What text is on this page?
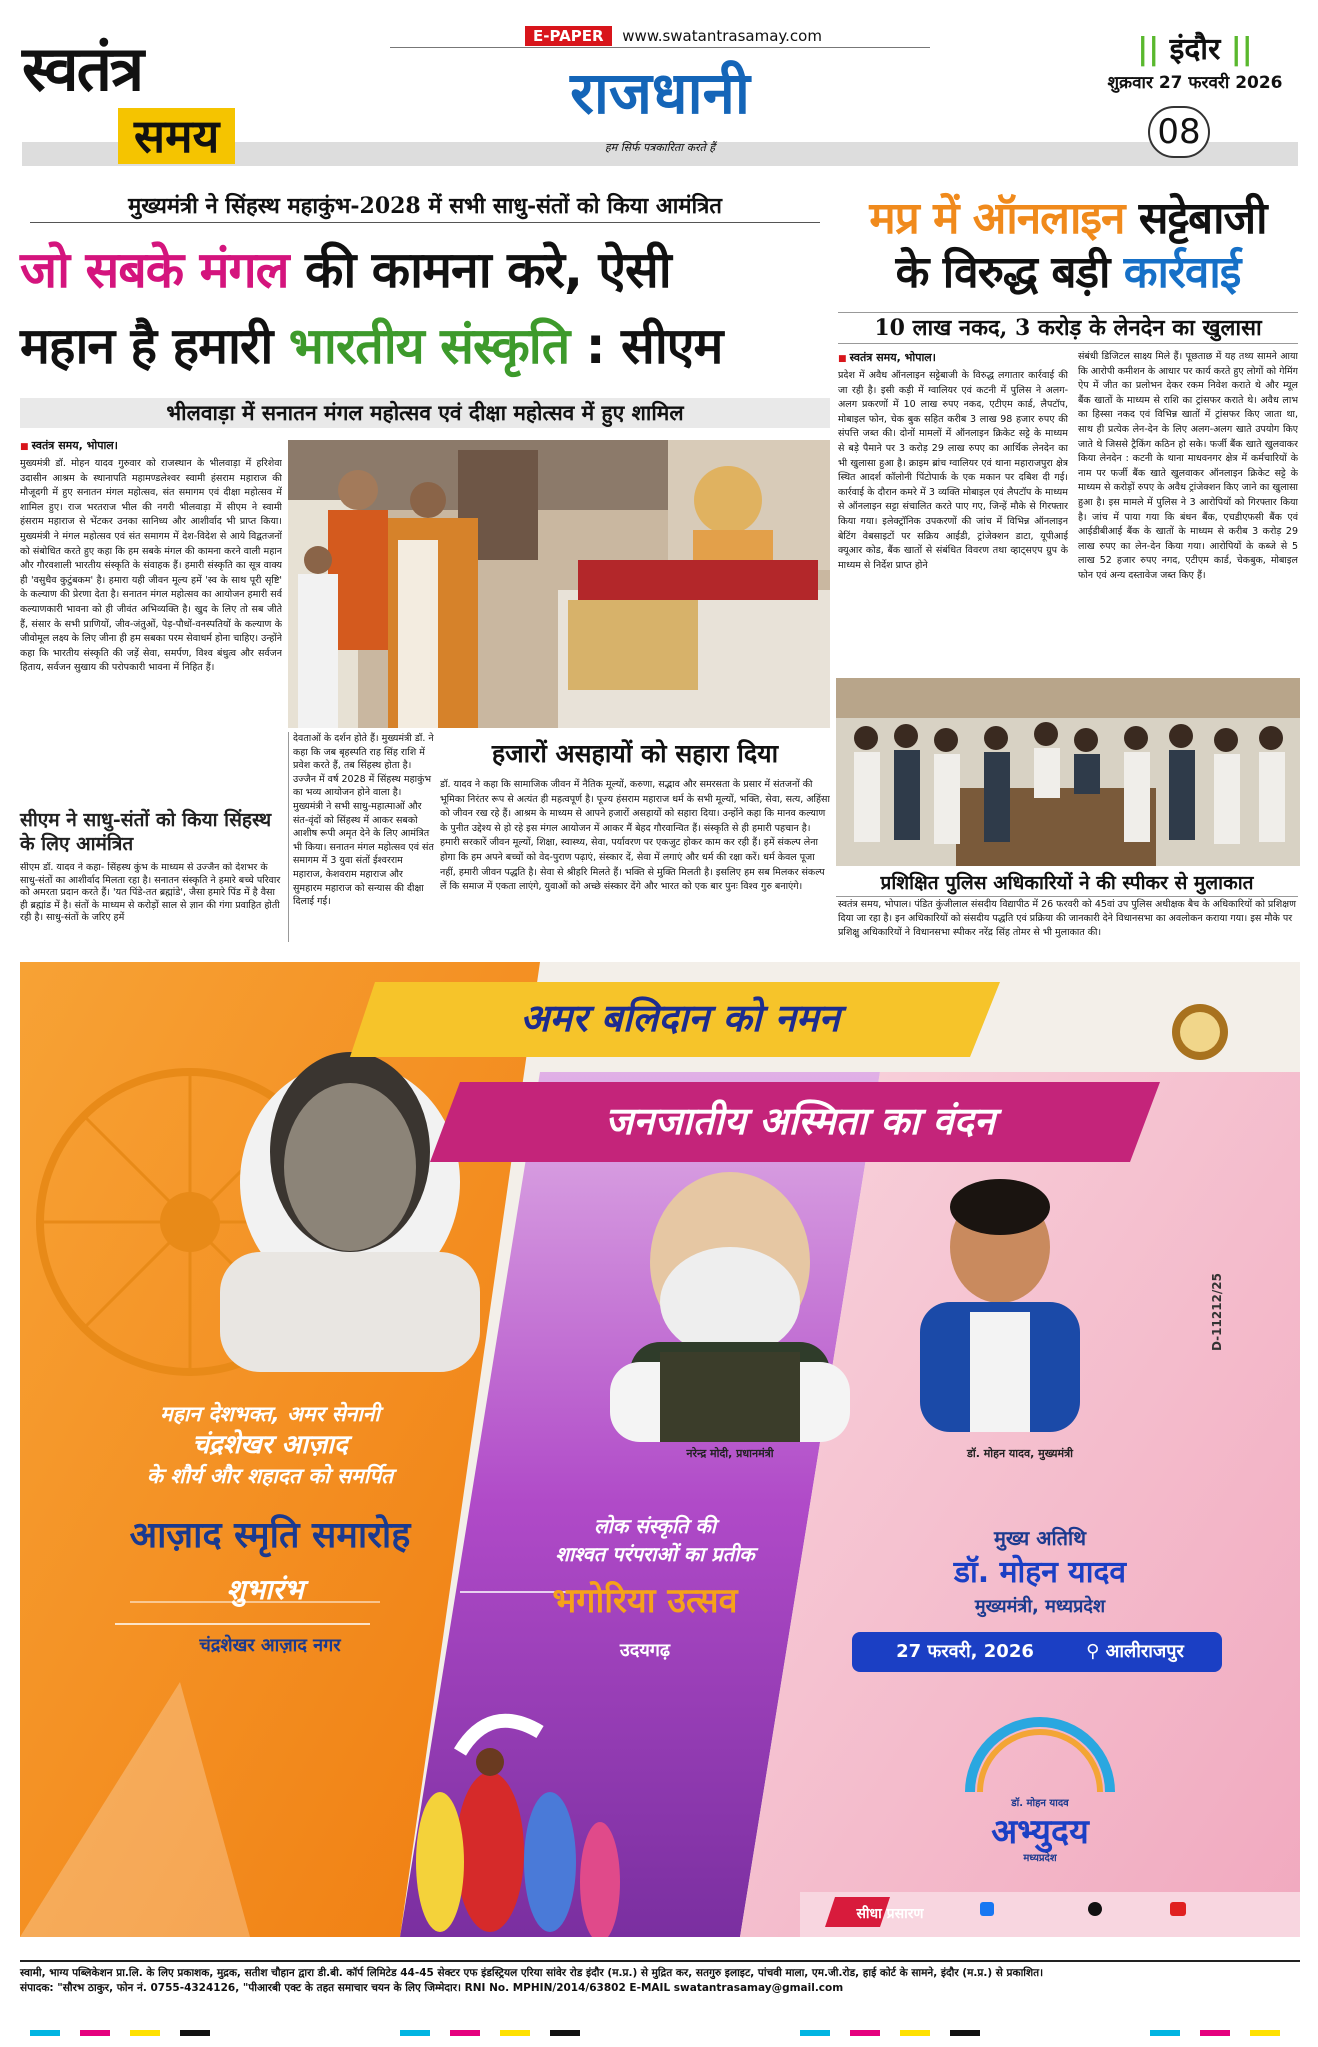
स्वतंत्र
समय
E-PAPER www.swatantrasamay.com
राजधानी
हम सिर्फ पत्रकारिता करते हैं
|| इंदौर ||
शुक्रवार 27 फरवरी 2026
08
मुख्यमंत्री ने सिंहस्थ महाकुंभ-2028 में सभी साधु-संतों को किया आमंत्रित
जो सबके मंगल की कामना करे, ऐसी
महान है हमारी भारतीय संस्कृति : सीएम
भीलवाड़ा में सनातन मंगल महोत्सव एवं दीक्षा महोत्सव में हुए शामिल
■ स्वतंत्र समय, भोपाल।
मुख्यमंत्री डॉ. मोहन यादव गुरुवार को राजस्थान के भीलवाड़ा में हरिशेवा उदासीन आश्रम के स्थानापति महामण्डलेश्वर स्वामी हंसराम महाराज की मौजूदगी में हुए सनातन मंगल महोत्सव, संत समागम एवं दीक्षा महोत्सव में शामिल हुए। राज भरतराज भील की नगरी भीलवाड़ा में सीएम ने स्वामी हंसराम महाराज से भेंटकर उनका सानिध्य और आशीर्वाद भी प्राप्त किया। मुख्यमंत्री ने मंगल महोत्सव एवं संत समागम में देश-विदेश से आये विद्वतजनों को संबोधित करते हुए कहा कि हम सबके मंगल की कामना करने वाली महान और गौरवशाली भारतीय संस्कृति के संवाहक हैं। हमारी संस्कृति का सूत्र वाक्य ही 'वसुधैव कुटुंबकम' है। हमारा यही जीवन मूल्य हमें 'स्व के साथ पूरी सृष्टि' के कल्याण की प्रेरणा देता है। सनातन मंगल महोत्सव का आयोजन हमारी सर्व कल्याणकारी भावना को ही जीवंत अभिव्यक्ति है। खुद के लिए तो सब जीते हैं, संसार के सभी प्राणियों, जीव-जंतुओं, पेड़-पौधों-वनस्पतियों के कल्याण के जीवोमूल लक्ष्य के लिए जीना ही हम सबका परम सेवाधर्म होना चाहिए। उन्होंने कहा कि भारतीय संस्कृति की जड़ें सेवा, समर्पण, विश्व बंधुत्व और सर्वजन हिताय, सर्वजन सुखाय की परोपकारी भावना में निहित हैं।
सीएम ने साधु-संतों को किया सिंहस्थ के लिए आमंत्रित
सीएम डॉ. यादव ने कहा- सिंहस्थ कुंभ के माध्यम से उज्जैन को देशभर के साधु-संतों का आशीर्वाद मिलता रहा है। सनातन संस्कृति ने हमारे बच्चे परिवार को अमरता प्रदान करते हैं। 'यत पिंडे-तत ब्रह्मांडे', जैसा हमारे पिंड में है वैसा ही ब्रह्मांड में है। संतों के माध्यम से करोड़ों साल से ज्ञान की गंगा प्रवाहित होती रही है। साधु-संतों के जरिए हमें
देवताओं के दर्शन होते हैं। मुख्यमंत्री डॉ. ने कहा कि जब बृहस्पति राह सिंह राशि में प्रवेश करते हैं, तब सिंहस्थ होता है। उज्जैन में वर्ष 2028 में सिंहस्थ महाकुंभ का भव्य आयोजन होने वाला है। मुख्यमंत्री ने सभी साधु-महात्माओं और संत-वृंदों को सिंहस्थ में आकर सबको आशीष रूपी अमृत देने के लिए आमंत्रित भी किया। सनातन मंगल महोत्सव एवं संत समागम में 3 युवा संतों ईश्वरराम महाराज, केशवराम महाराज और सुमहारम महाराज को सन्यास की दीक्षा दिलाई गई।
हजारों असहायों को सहारा दिया
डॉ. यादव ने कहा कि सामाजिक जीवन में नैतिक मूल्यों, करुणा, सद्भाव और समरसता के प्रसार में संतजनों की भूमिका निरंतर रूप से अत्यंत ही महत्वपूर्ण है। पूज्य हंसराम महाराज धर्म के सभी मूल्यों, भक्ति, सेवा, सत्य, अहिंसा को जीवन रख रहे हैं। आश्रम के माध्यम से आपने हजारों असहायों को सहारा दिया। उन्होंने कहा कि मानव कल्याण के पुनीत उद्देश्य से हो रहे इस मंगल आयोजन में आकर मैं बेहद गौरवान्वित हैं। संस्कृति से ही हमारी पहचान है। हमारी सरकारें जीवन मूल्यों, शिक्षा, स्वास्थ्य, सेवा, पर्यावरण पर एकजुट होकर काम कर रही हैं। हमें संकल्प लेना होगा कि हम अपने बच्चों को वेद-पुराण पढ़ाएं, संस्कार दें, सेवा में लगाएं और धर्म की रक्षा करें। धर्म केवल पूजा नहीं, हमारी जीवन पद्धति है। सेवा से श्रीहरि मिलते हैं। भक्ति से मुक्ति मिलती है। इसलिए हम सब मिलकर संकल्प लें कि समाज में एकता लाएंगे, युवाओं को अच्छे संस्कार देंगे और भारत को एक बार पुनः विश्व गुरु बनाएंगे।
मप्र में ऑनलाइन सट्टेबाजी
के विरुद्ध बड़ी कार्रवाई
10 लाख नकद, 3 करोड़ के लेनदेन का खुलासा
■ स्वतंत्र समय, भोपाल।
प्रदेश में अवैध ऑनलाइन सट्टेबाजी के विरुद्ध लगातार कार्रवाई की जा रही है। इसी कड़ी में ग्वालियर एवं कटनी में पुलिस ने अलग-अलग प्रकरणों में 10 लाख रुपए नकद, एटीएम कार्ड, लैपटॉप, मोबाइल फोन, चेक बुक सहित करीब 3 लाख 98 हजार रुपए की संपत्ति जब्त की। दोनों मामलों में ऑनलाइन क्रिकेट सट्टे के माध्यम से बड़े पैमाने पर 3 करोड़ 29 लाख रुपए का आर्थिक लेनदेन का भी खुलासा हुआ है। क्राइम ब्रांच ग्वालियर एवं थाना महाराजपुरा क्षेत्र स्थित आदर्श कॉलोनी पिंटोपार्क के एक मकान पर दबिश दी गई। कार्रवाई के दौरान कमरे में 3 व्यक्ति मोबाइल एवं लैपटॉप के माध्यम से ऑनलाइन सट्टा संचालित करते पाए गए, जिन्हें मौके से गिरफ्तार किया गया। इलेक्ट्रॉनिक उपकरणों की जांच में विभिन्न ऑनलाइन बेटिंग वेबसाइटों पर सक्रिय आईडी, ट्रांजेक्शन डाटा, यूपीआई क्यूआर कोड, बैंक खातों से संबंधित विवरण तथा व्हाट्सएप ग्रुप के माध्यम से निर्देश प्राप्त होने
संबंधी डिजिटल साक्ष्य मिले हैं। पूछताछ में यह तथ्य सामने आया कि आरोपी कमीशन के आधार पर कार्य करते हुए लोगों को गेमिंग ऐप में जीत का प्रलोभन देकर रकम निवेश कराते थे और म्यूल बैंक खातों के माध्यम से राशि का ट्रांसफर कराते थे। अवैध लाभ का हिस्सा नकद एवं विभिन्न खातों में ट्रांसफर किए जाता था, साथ ही प्रत्येक लेन-देन के लिए अलग-अलग खाते उपयोग किए जाते थे जिससे ट्रैकिंग कठिन हो सके। फर्जी बैंक खाते खुलवाकर किया लेनदेन : कटनी के थाना माधवनगर क्षेत्र में कर्मचारियों के नाम पर फर्जी बैंक खाते खुलवाकर ऑनलाइन क्रिकेट सट्टे के माध्यम से करोड़ों रुपए के अवैध ट्रांजेक्शन किए जाने का खुलासा हुआ है। इस मामले में पुलिस ने 3 आरोपियों को गिरफ्तार किया है। जांच में पाया गया कि बंधन बैंक, एचडीएफसी बैंक एवं आईडीबीआई बैंक के खातों के माध्यम से करीब 3 करोड़ 29 लाख रुपए का लेन-देन किया गया। आरोपियों के कब्जे से 5 लाख 52 हजार रुपए नगद, एटीएम कार्ड, चेकबुक, मोबाइल फोन एवं अन्य दस्तावेज जब्त किए हैं।
प्रशिक्षित पुलिस अधिकारियों ने की स्पीकर से मुलाकात
स्वतंत्र समय, भोपाल। पंडित कुंजीलाल संसदीय विद्यापीठ में 26 फरवरी को 45वां उप पुलिस अधीक्षक बैच के अधिकारियों को प्रशिक्षण दिया जा रहा है। इन अधिकारियों को संसदीय पद्धति एवं प्रक्रिया की जानकारी देने विधानसभा का अवलोकन कराया गया। इस मौके पर प्रशिक्षु अधिकारियों ने विधानसभा स्पीकर नरेंद्र सिंह तोमर से भी मुलाकात की।
अमर बलिदान को नमन
जनजातीय अस्मिता का वंदन
महान देशभक्त, अमर सेनानी
चंद्रशेखर आज़ाद
के शौर्य और शहादत को समर्पित
आज़ाद स्मृति समारोह
शुभारंभ
चंद्रशेखर आज़ाद नगर
नरेन्द्र मोदी, प्रधानमंत्री	डॉ. मोहन यादव, मुख्यमंत्री
लोक संस्कृति की
शाश्वत परंपराओं का प्रतीक
भगोरिया उत्सव
उदयगढ़
मुख्य अतिथि
डॉ. मोहन यादव
मुख्यमंत्री, मध्यप्रदेश
27 फरवरी, 2026	⚲ आलीराजपुर
डॉ. मोहन यादव
अभ्युदय
मध्यप्रदेश
D-11212/25
सीधा प्रसारण
स्वामी, भाग्य पब्लिकेशन प्रा.लि. के लिए प्रकाशक, मुद्रक, सतीश चौहान द्वारा डी.बी. कॉर्प लिमिटेड 44-45 सेक्टर एफ इंडस्ट्रियल एरिया सांवेर रोड इंदौर (म.प्र.) से मुद्रित कर, सतगुरु इलाइट, पांचवी माला, एम.जी.रोड, हाई कोर्ट के सामने, इंदौर (म.प्र.) से प्रकाशित।
संपादक: "सौरभ ठाकुर, फोन नं. 0755-4324126, "पीआरबी एक्ट के तहत समाचार चयन के लिए जिम्मेदार। RNI No. MPHIN/2014/63802 E-MAIL swatantrasamay@gmail.com
